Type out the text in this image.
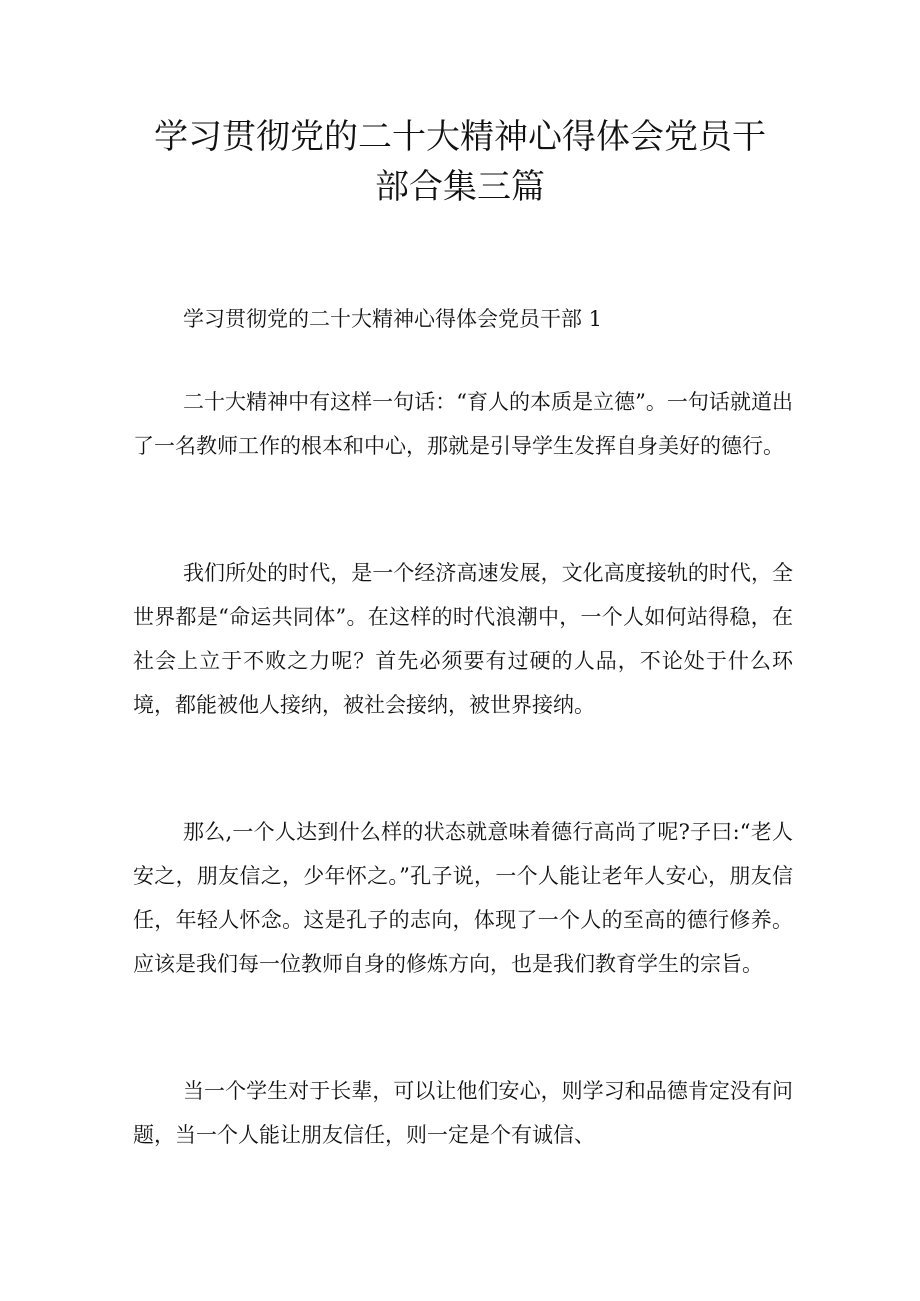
学习贯彻党的二十大精神心得体会党员干
部合集三篇

学习贯彻党的二十大精神心得体会党员干部 1

二十大精神中有这样一句话：“育人的本质是立德”。一句话就道出了一名教师工作的根本和中心，那就是引导学生发挥自身美好的德行。

我们所处的时代，是一个经济高速发展，文化高度接轨的时代，全世界都是“命运共同体”。在这样的时代浪潮中，一个人如何站得稳，在社会上立于不败之力呢？首先必须要有过硬的人品，不论处于什么环境，都能被他人接纳，被社会接纳，被世界接纳。

那么,一个人达到什么样的状态就意味着德行高尚了呢?子曰:“老人安之，朋友信之，少年怀之。”孔子说，一个人能让老年人安心，朋友信任，年轻人怀念。这是孔子的志向，体现了一个人的至高的德行修养。应该是我们每一位教师自身的修炼方向，也是我们教育学生的宗旨。

当一个学生对于长辈，可以让他们安心，则学习和品德肯定没有问题，当一个人能让朋友信任，则一定是个有诚信、
